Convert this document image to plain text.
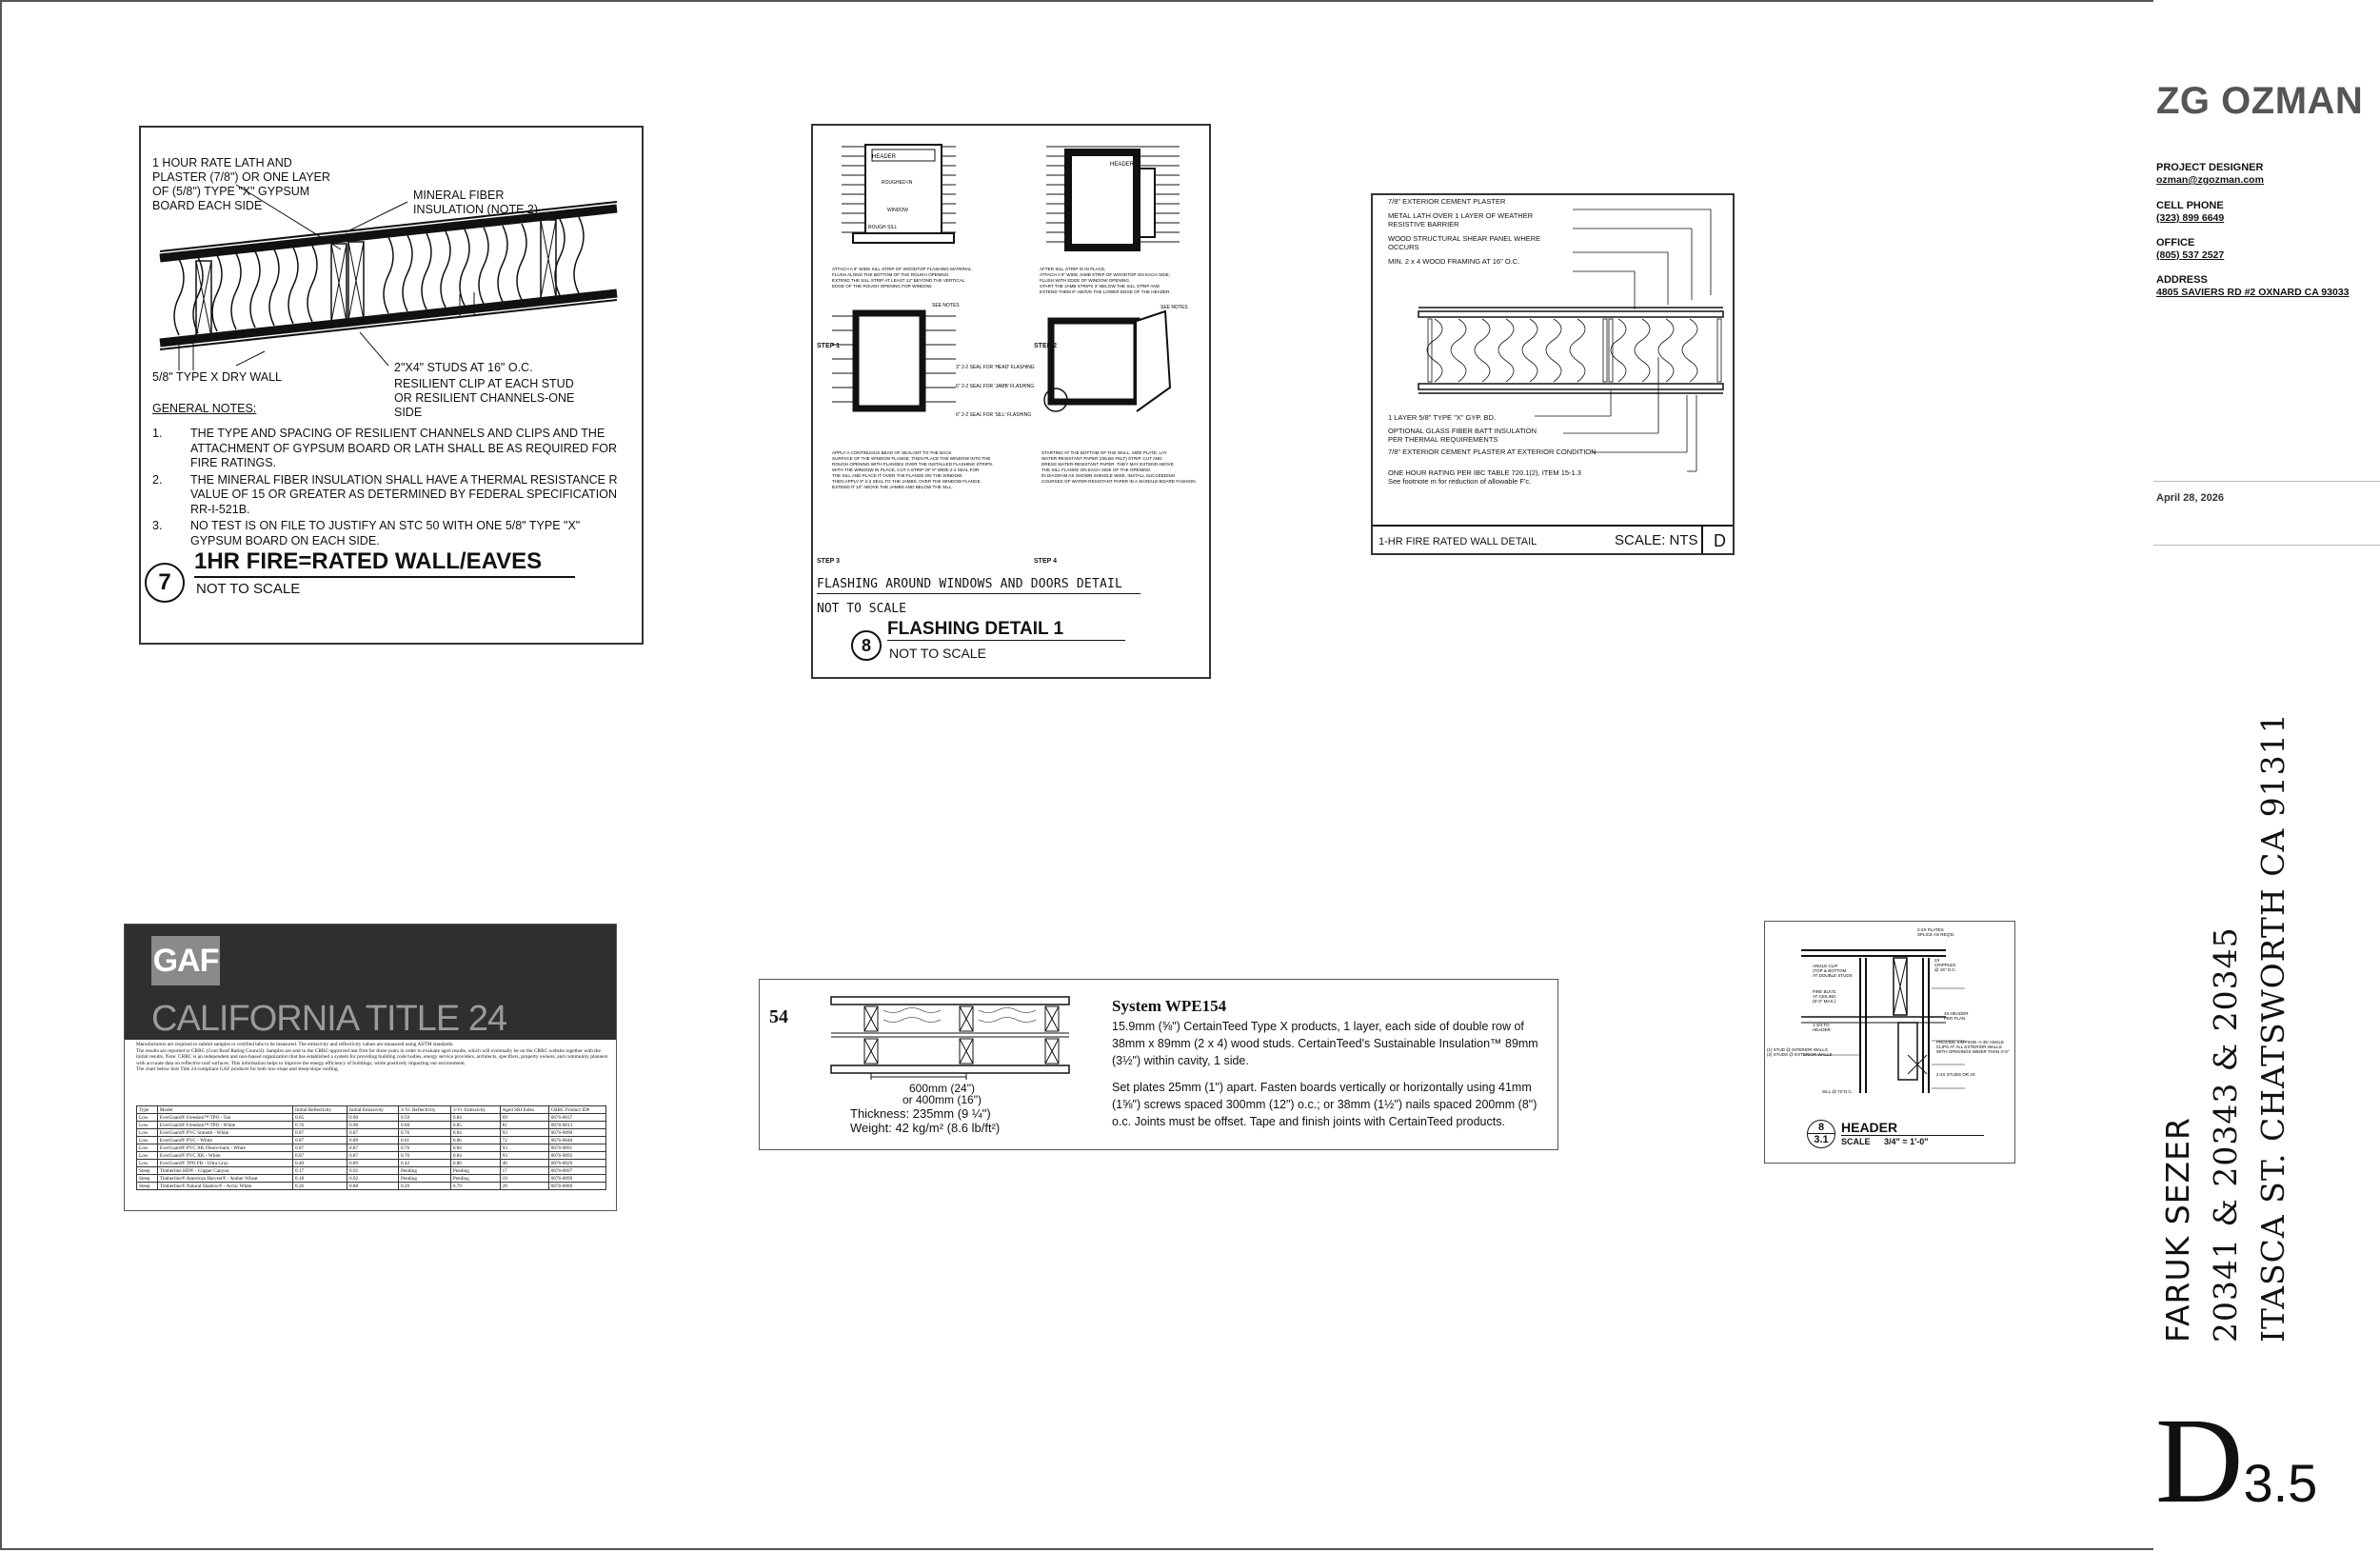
1 HOUR RATE LATH AND PLASTER (7/8") OR ONE LAYER OF (5/8") TYPE "X" GYPSUM BOARD EACH SIDE
MINERAL FIBER INSULATION (NOTE 2)
5/8" TYPE X DRY WALL
2"X4" STUDS AT 16" O.C.
RESILIENT CLIP AT EACH STUD OR RESILIENT CHANNELS-ONE SIDE
GENERAL NOTES:
1.	THE TYPE AND SPACING OF RESILIENT CHANNELS AND CLIPS AND THE ATTACHMENT OF GYPSUM BOARD OR LATH SHALL BE AS REQUIRED FOR FIRE RATINGS.
2.	THE MINERAL FIBER INSULATION SHALL HAVE A THERMAL RESISTANCE R VALUE OF 15 OR GREATER AS DETERMINED BY FEDERAL SPECIFICATION RR-I-521B.
3.	NO TEST IS ON FILE TO JUSTIFY AN STC 50 WITH ONE 5/8" TYPE "X" GYPSUM BOARD ON EACH SIDE.
7
1HR FIRE=RATED WALL/EAVES
NOT TO SCALE
HEADER
HEADER
ROUGHED-IN
WINDOW
ROUGH SILL
ATTACH A 9" WIDE SILL STRIP OF WOODTOP FLASHING MATERIAL
FLUSH ALONG THE BOTTOM OF THE ROUGH OPENING.
EXTEND THE SILL STRIP AT LEAST 12" BEYOND THE VERTICAL
EDGE OF THE ROUGH OPENING FOR WINDOW.
AFTER SILL STRIP IS IN PLACE,
ATTACH A 9" WIDE JAMB STRIP OF WOODTOP ON EACH SIDE,
FLUSH WITH EDGE OF WINDOW OPENING.
START THE JAMB STRIPS 3" BELOW THE SILL STRIP AND
EXTEND THEM 6" ABOVE THE LOWER EDGE OF THE HEADER.
APPLY A CONTINUOUS BEAD OF SEALANT TO THE BACK
SURFACE OF THE WINDOW FLANGE, THEN PLACE THE WINDOW INTO THE
ROUGH OPENING WITH FLANGES OVER THE INSTALLED FLASHING STRIPS.
WITH THE WINDOW IN PLACE, CUT A STRIP OF 9" WIDE 2-2 SEAL FOR
THE SILL AND PLACE IT OVER THE FLANGE ON THE WINDOW.
THEN APPLY 9" 2-2 SEAL TO THE JAMBS, OVER THE WINDOW FLANGE.
EXTEND IT 10" ABOVE THE JAMBS AND BELOW THE SILL.
STARTING AT THE BOTTOM OF THE WALL, SIDE PLATE, LAY
WATER-RESISTANT PAPER (30LBS FELT) STRIP. CUT AND
DRESS WATER-RESISTANT PAPER. THEY MAY EXTEND ABOVE
THE SILL FLANGE ON EACH SIDE OF THE OPENING.
IN DIAGRAM AS SHOWN SHINGLE WISE, INSTALL SUCCEEDING
COURSES OF WATER-RESISTANT PAPER IN A SHINGLE-BOARD FASHION.
SEE NOTES	SEE NOTES
3" 2-2 SEAL FOR 'HEAD' FLASHING
6" 2-2 SEAL FOR 'JAMB' FLASHING
6" 2-2 SEAL FOR 'SILL' FLASHING
STEP 1	STEP 2
STEP 3	STEP 4
FLASHING AROUND WINDOWS AND DOORS DETAIL
NOT TO SCALE
8
FLASHING DETAIL 1
NOT TO SCALE
7/8" EXTERIOR CEMENT PLASTER
METAL LATH OVER 1 LAYER OF WEATHER RESISTIVE BARRIER
WOOD STRUCTURAL SHEAR PANEL WHERE OCCURS
MIN. 2 x 4 WOOD FRAMING AT 16" O.C.
1 LAYER 5/8" TYPE "X" GYP. BD.
OPTIONAL GLASS FIBER BATT INSULATION PER THERMAL REQUIREMENTS
7/8" EXTERIOR CEMENT PLASTER AT EXTERIOR CONDITION
ONE HOUR RATING PER IBC TABLE 720.1(2), ITEM 15-1.3
See footnote m for reduction of allowable F'c.
1-HR FIRE RATED WALL DETAIL	SCALE: NTS D
GAF
CALIFORNIA TITLE 24
Manufacturers are required to submit samples to certified labs to be measured. The emissivity and reflectivity values are measured using ASTM standards.
The results are reported to CRRC (Cool Roof Rating Council). Samples are sent to the CRRC-approved test firm for three years in order to evaluate aged results, which will eventually be on the CRRC website together with the initial results. Note: CRRC is an independent and non-biased organization that has established a system for providing building code bodies, energy service providers, architects, specifiers, property owners, and community planners with accurate data on reflective roof surfaces. This information helps to improve the energy efficiency of buildings, while positively impacting our environment.
The chart below lists Title 24-compliant GAF products for both low-slope and steep-slope roofing.
Type	Model	Initial Reflectivity	Initial Emissivity	3-Yr. Reflectivity	3-Yr. Emissivity	Aged SRI Index	CRRC Product ID#
Low	EverGuard® Freedom™ TPO - Tan	0.65	0.90	0.59	0.84	69	0676-0037
Low	EverGuard® Freedom™ TPO - White	0.76	0.90	0.68	0.85	81	0676-0013
Low	EverGuard® PVC Smooth - White	0.87	0.87	0.76	0.84	93	0676-0090
Low	EverGuard® PVC - White	0.87	0.89	0.61	0.86	72	0676-0040
Low	EverGuard® PVC XK Fleece-back - White	0.87	0.87	0.76	0.84	93	0676-0091
Low	EverGuard® PVC XK - White	0.87	0.87	0.76	0.84	93	0676-0092
Low	EverGuard® TPO FB - Ultra Gray	0.40	0.89	0.42	0.86	46	0676-0029
Steep	Timberline HD® - Copper Canyon	0.17	0.92	Pending	Pending	17	0676-0097
Steep	Timberline® American Harvest® - Amber Wheat	0.18	0.92	Pending	Pending	19	0676-0099
Steep	Timberline® Natural Shadow® - Arctic White	0.26	0.88	0.29	0.79	28	0676-0089
54
600mm (24")
or 400mm (16")
Thickness: 235mm (9 ¼")
Weight: 42 kg/m² (8.6 lb/ft²)
System WPE154
15.9mm (⅝") CertainTeed Type X products, 1 layer, each side of double row of 38mm x 89mm (2 x 4) wood studs. CertainTeed's Sustainable Insulation™ 89mm (3½") within cavity, 1 side.
Set plates 25mm (1") apart. Fasten boards vertically or horizontally using 41mm (1⅝") screws spaced 300mm (12") o.c.; or 38mm (1½") nails spaced 200mm (8") o.c. Joints must be offset. Tape and finish joints with CertainTeed products.
2-2X PLATES
SPLICE AS REQ'D.
ANGLE CLIP
(TOP & BOTTOM
AT DOUBLE STUDS
2X
CRIPPLES
@ 16" O.C.
FIRE BLK'G.
AT CEILING
(8'-0" MAX.)
4X HEADER
PER PLAN
1-3/4 TO
HEADER
PROVIDE SIMPSON 'A-35' ANGLE
CLIPS AT ALL EXTERIOR WALLS
WITH OPENINGS WIDER THAN 4'-0"
(1) STUD @ INTERIOR WALLS
(2) STUDS @ EXTERIOR WALLS
2-2X STUDS OR 4X
SILL @ 72"O.C.
8
3.1
HEADER
SCALE 3/4" = 1'-0"
ZG OZMAN
PROJECT DESIGNER
ozman@zgozman.com
CELL PHONE
(323) 899 6649
OFFICE
(805) 537 2527
ADDRESS
4805 SAVIERS RD #2 OXNARD CA 93033
April 28, 2026
FARUK SEZER 20341 & 20343 & 20345 ITASCA ST. CHATSWORTH CA 91311
D3.5
